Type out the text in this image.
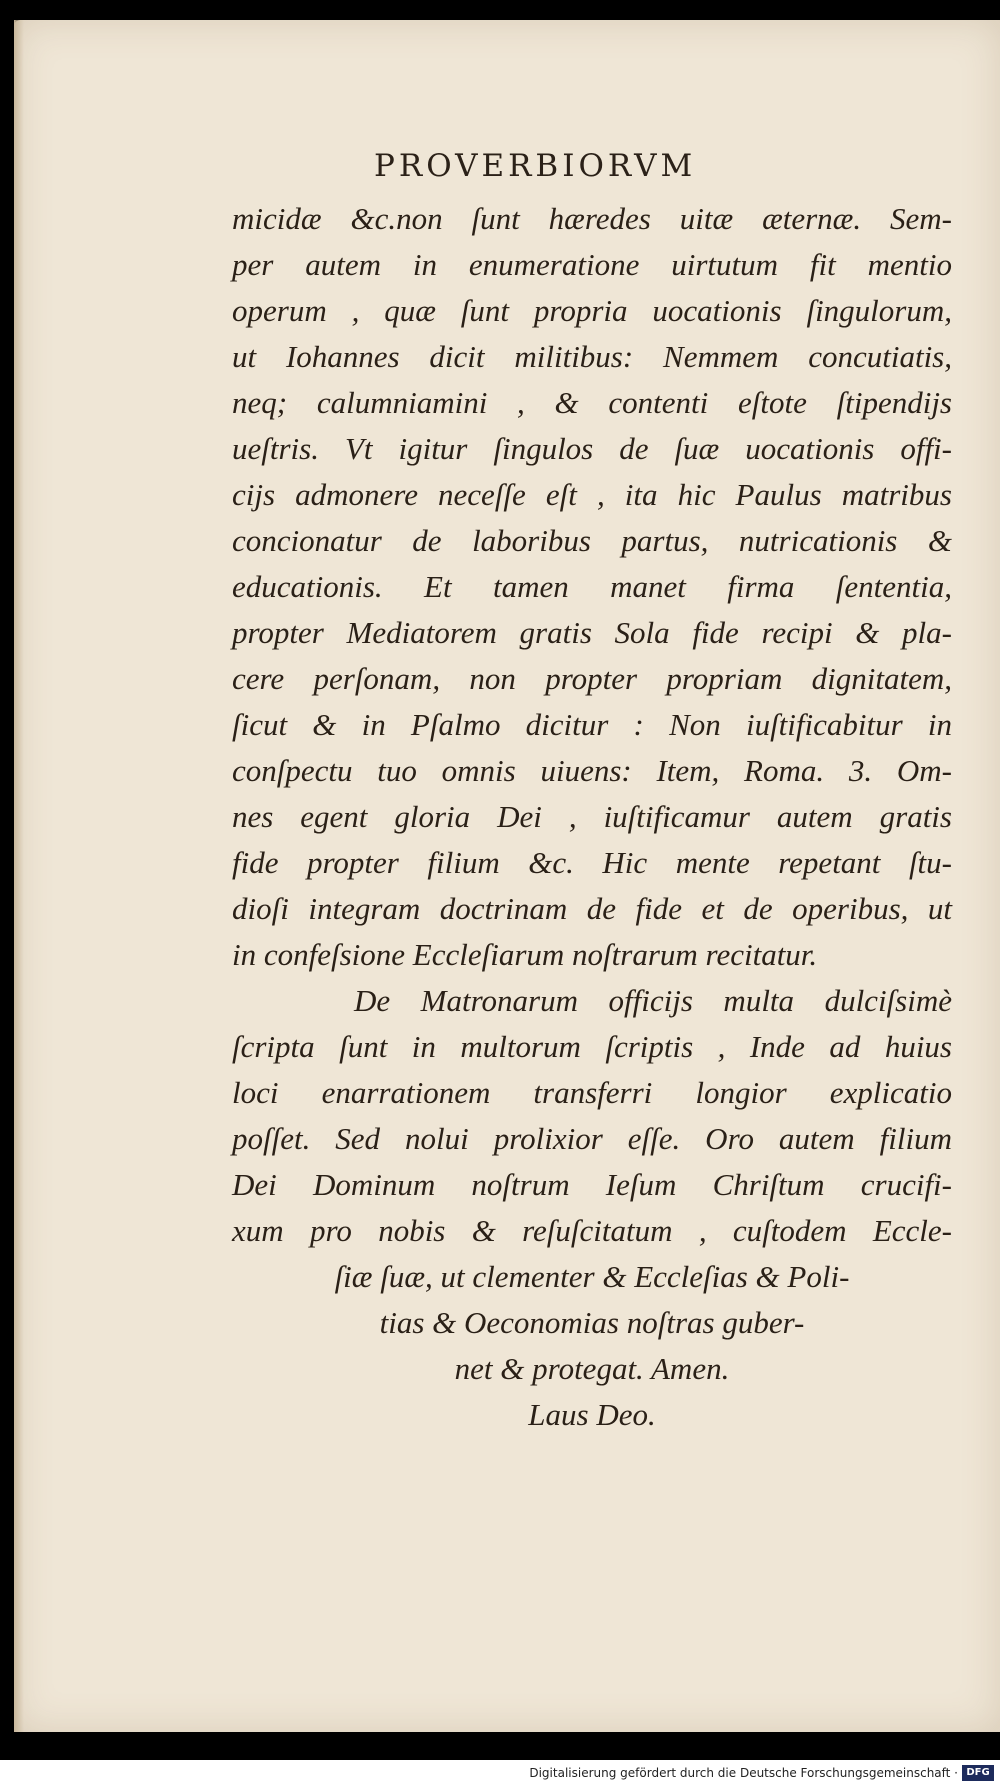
PROVERBIORVM
micidæ &c.non ſunt hæredes uitæ æternæ. Sem-
per autem in enumeratione uirtutum fit mentio
operum , quæ ſunt propria uocationis ſingulorum,
ut Iohannes dicit militibus: Nemmem concutiatis,
neq; calumniamini , & contenti eſtote ſtipendijs
ueſtris. Vt igitur ſingulos de ſuæ uocationis offi-
cijs admonere neceſſe eſt , ita hic Paulus matribus
concionatur de laboribus partus, nutricationis &
educationis. Et tamen manet firma ſententia,
propter Mediatorem gratis Sola fide recipi & pla-
cere perſonam, non propter propriam dignitatem,
ſicut & in Pſalmo dicitur : Non iuſtificabitur in
conſpectu tuo omnis uiuens: Item, Roma. 3. Om-
nes egent gloria Dei , iuſtificamur autem gratis
fide propter filium &c. Hic mente repetant ſtu-
dioſi integram doctrinam de fide et de operibus, ut
in confeſsione Eccleſiarum noſtrarum recitatur.
De Matronarum officijs multa dulciſsimè
ſcripta ſunt in multorum ſcriptis , Inde ad huius
loci enarrationem transferri longior explicatio
poſſet. Sed nolui prolixior eſſe. Oro autem filium
Dei Dominum noſtrum Ieſum Chriſtum crucifi-
xum pro nobis & reſuſcitatum , cuſtodem Eccle-
ſiæ ſuæ, ut clementer & Eccleſias & Poli-
tias & Oeconomias noſtras guber-
net & protegat. Amen.
Laus Deo.
Digitalisierung gefördert durch die Deutsche Forschungsgemeinschaft · DFG
